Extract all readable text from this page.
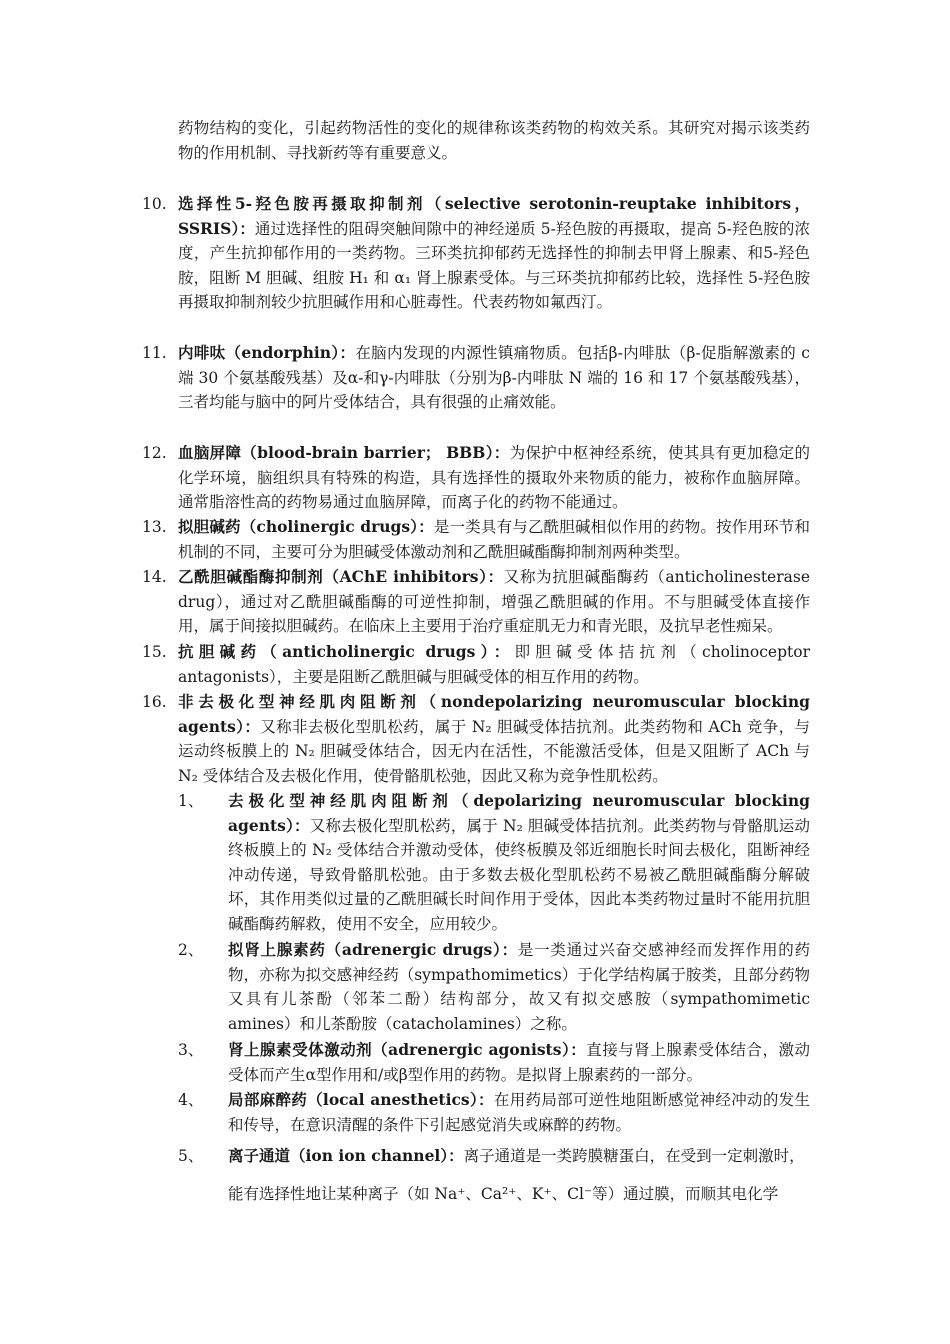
药物结构的变化，引起药物活性的变化的规律称该类药物的构效关系。其研究对揭示该类药物的作用机制、寻找新药等有重要意义。
10. 选择性5-羟色胺再摄取抑制剂（selective serotonin-reuptake inhibitors，SSRIS）：通过选择性的阻碍突触间隙中的神经递质 5-羟色胺的再摄取，提高 5-羟色胺的浓度，产生抗抑郁作用的一类药物。三环类抗抑郁药无选择性的抑制去甲肾上腺素、和5-羟色胺，阻断 M 胆碱、组胺 H₁ 和 α₁ 肾上腺素受体。与三环类抗抑郁药比较，选择性 5-羟色胺再摄取抑制剂较少抗胆碱作用和心脏毒性。代表药物如氟西汀。
11. 内啡呔（endorphin）：在脑内发现的内源性镇痛物质。包括β-内啡肽（β-促脂解激素的 c 端 30 个氨基酸残基）及α-和γ-内啡肽（分别为β-内啡肽 N 端的 16 和 17 个氨基酸残基），三者均能与脑中的阿片受体结合，具有很强的止痛效能。
12. 血脑屏障（blood-brain barrier； BBB）：为保护中枢神经系统，使其具有更加稳定的化学环境，脑组织具有特殊的构造，具有选择性的摄取外来物质的能力，被称作血脑屏障。通常脂溶性高的药物易通过血脑屏障，而离子化的药物不能通过。
13. 拟胆碱药（cholinergic drugs）：是一类具有与乙酰胆碱相似作用的药物。按作用环节和机制的不同，主要可分为胆碱受体激动剂和乙酰胆碱酯酶抑制剂两种类型。
14. 乙酰胆碱酯酶抑制剂（AChE inhibitors）：又称为抗胆碱酯酶药（anticholinesterase drug），通过对乙酰胆碱酯酶的可逆性抑制，增强乙酰胆碱的作用。不与胆碱受体直接作用，属于间接拟胆碱药。在临床上主要用于治疗重症肌无力和青光眼，及抗早老性痴呆。
15. 抗胆碱药（anticholinergic drugs）：即胆碱受体拮抗剂（cholinoceptor antagonists），主要是阻断乙酰胆碱与胆碱受体的相互作用的药物。
16. 非去极化型神经肌肉阻断剂（nondepolarizing neuromuscular blocking agents）：又称非去极化型肌松药，属于 N₂ 胆碱受体拮抗剂。此类药物和 ACh 竞争，与运动终板膜上的 N₂ 胆碱受体结合，因无内在活性，不能激活受体，但是又阻断了 ACh 与 N₂ 受体结合及去极化作用，使骨骼肌松弛，因此又称为竞争性肌松药。
1、	去极化型神经肌肉阻断剂（depolarizing neuromuscular blocking agents）：又称去极化型肌松药，属于 N₂ 胆碱受体拮抗剂。此类药物与骨骼肌运动终板膜上的 N₂ 受体结合并激动受体，使终板膜及邻近细胞长时间去极化，阻断神经冲动传递，导致骨骼肌松弛。由于多数去极化型肌松药不易被乙酰胆碱酯酶分解破坏，其作用类似过量的乙酰胆碱长时间作用于受体，因此本类药物过量时不能用抗胆碱酯酶药解救，使用不安全，应用较少。
2、	拟肾上腺素药（adrenergic drugs）：是一类通过兴奋交感神经而发挥作用的药物，亦称为拟交感神经药（sympathomimetics）于化学结构属于胺类，且部分药物又具有儿茶酚（邻苯二酚）结构部分，故又有拟交感胺（sympathomimetic amines）和儿茶酚胺（catacholamines）之称。
3、	肾上腺素受体激动剂（adrenergic agonists）：直接与肾上腺素受体结合，激动受体而产生α型作用和/或β型作用的药物。是拟肾上腺素药的一部分。
4、	局部麻醉药（local anesthetics）：在用药局部可逆性地阻断感觉神经冲动的发生和传导，在意识清醒的条件下引起感觉消失或麻醉的药物。
5、	离子通道（ion ion channel）：离子通道是一类跨膜糖蛋白，在受到一定刺激时，
能有选择性地让某种离子（如 Na⁺、Ca²⁺、K⁺、Cl⁻等）通过膜，而顺其电化学
